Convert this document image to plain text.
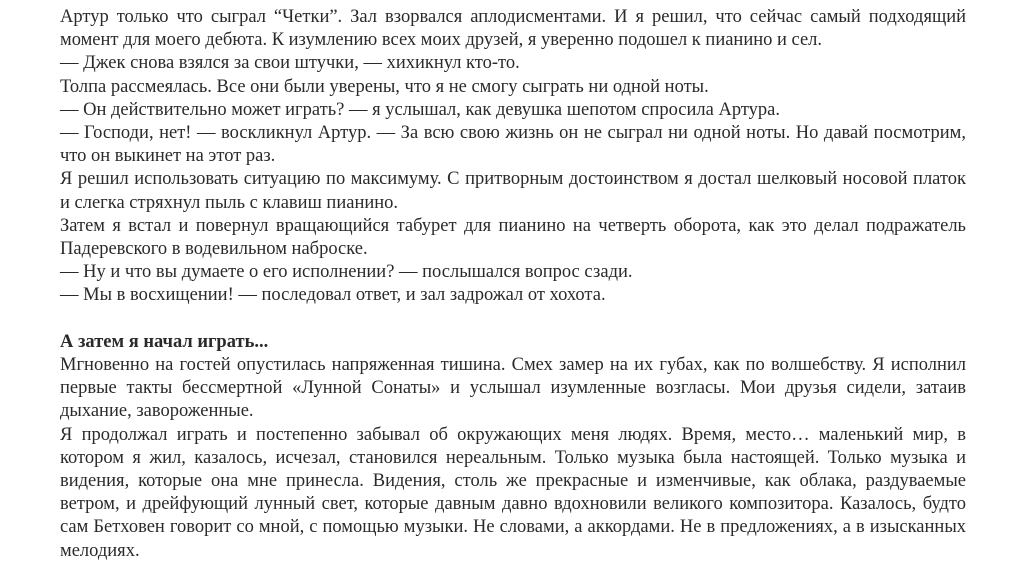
Артур только что сыграл “Четки”. Зал взорвался аплодисментами. И я решил, что сейчас самый подходящий момент для моего дебюта. К изумлению всех моих друзей, я уверенно подошел к пианино и сел.

— Джек снова взялся за свои штучки, — хихикнул кто-то.

Толпа рассмеялась. Все они были уверены, что я не смогу сыграть ни одной ноты.

— Он действительно может играть? — я услышал, как девушка шепотом спросила Артура.

— Господи, нет! — воскликнул Артур. — За всю свою жизнь он не сыграл ни одной ноты. Но давай посмотрим, что он выкинет на этот раз.

Я решил использовать ситуацию по максимуму. С притворным достоинством я достал шелковый носовой платок и слегка стряхнул пыль с клавиш пианино.

Затем я встал и повернул вращающийся табурет для пианино на четверть оборота, как это делал подражатель Падеревского в водевильном наброске.

— Ну и что вы думаете о его исполнении? — послышался вопрос сзади.

— Мы в восхищении! — последовал ответ, и зал задрожал от хохота.

А затем я начал играть...

Мгновенно на гостей опустилась напряженная тишина. Смех замер на их губах, как по волшебству. Я исполнил первые такты бессмертной «Лунной Сонаты» и услышал изумленные возгласы. Мои друзья сидели, затаив дыхание, завороженные.

Я продолжал играть и постепенно забывал об окружающих меня людях. Время, место… маленький мир, в котором я жил, казалось, исчезал, становился нереальным. Только музыка была настоящей. Только музыка и видения, которые она мне принесла. Видения, столь же прекрасные и изменчивые, как облака, раздуваемые ветром, и дрейфующий лунный свет, которые давным давно вдохновили великого композитора. Казалось, будто сам Бетховен говорит со мной, с помощью музыки. Не словами, а аккордами. Не в предложениях, а в изысканных мелодиях.
